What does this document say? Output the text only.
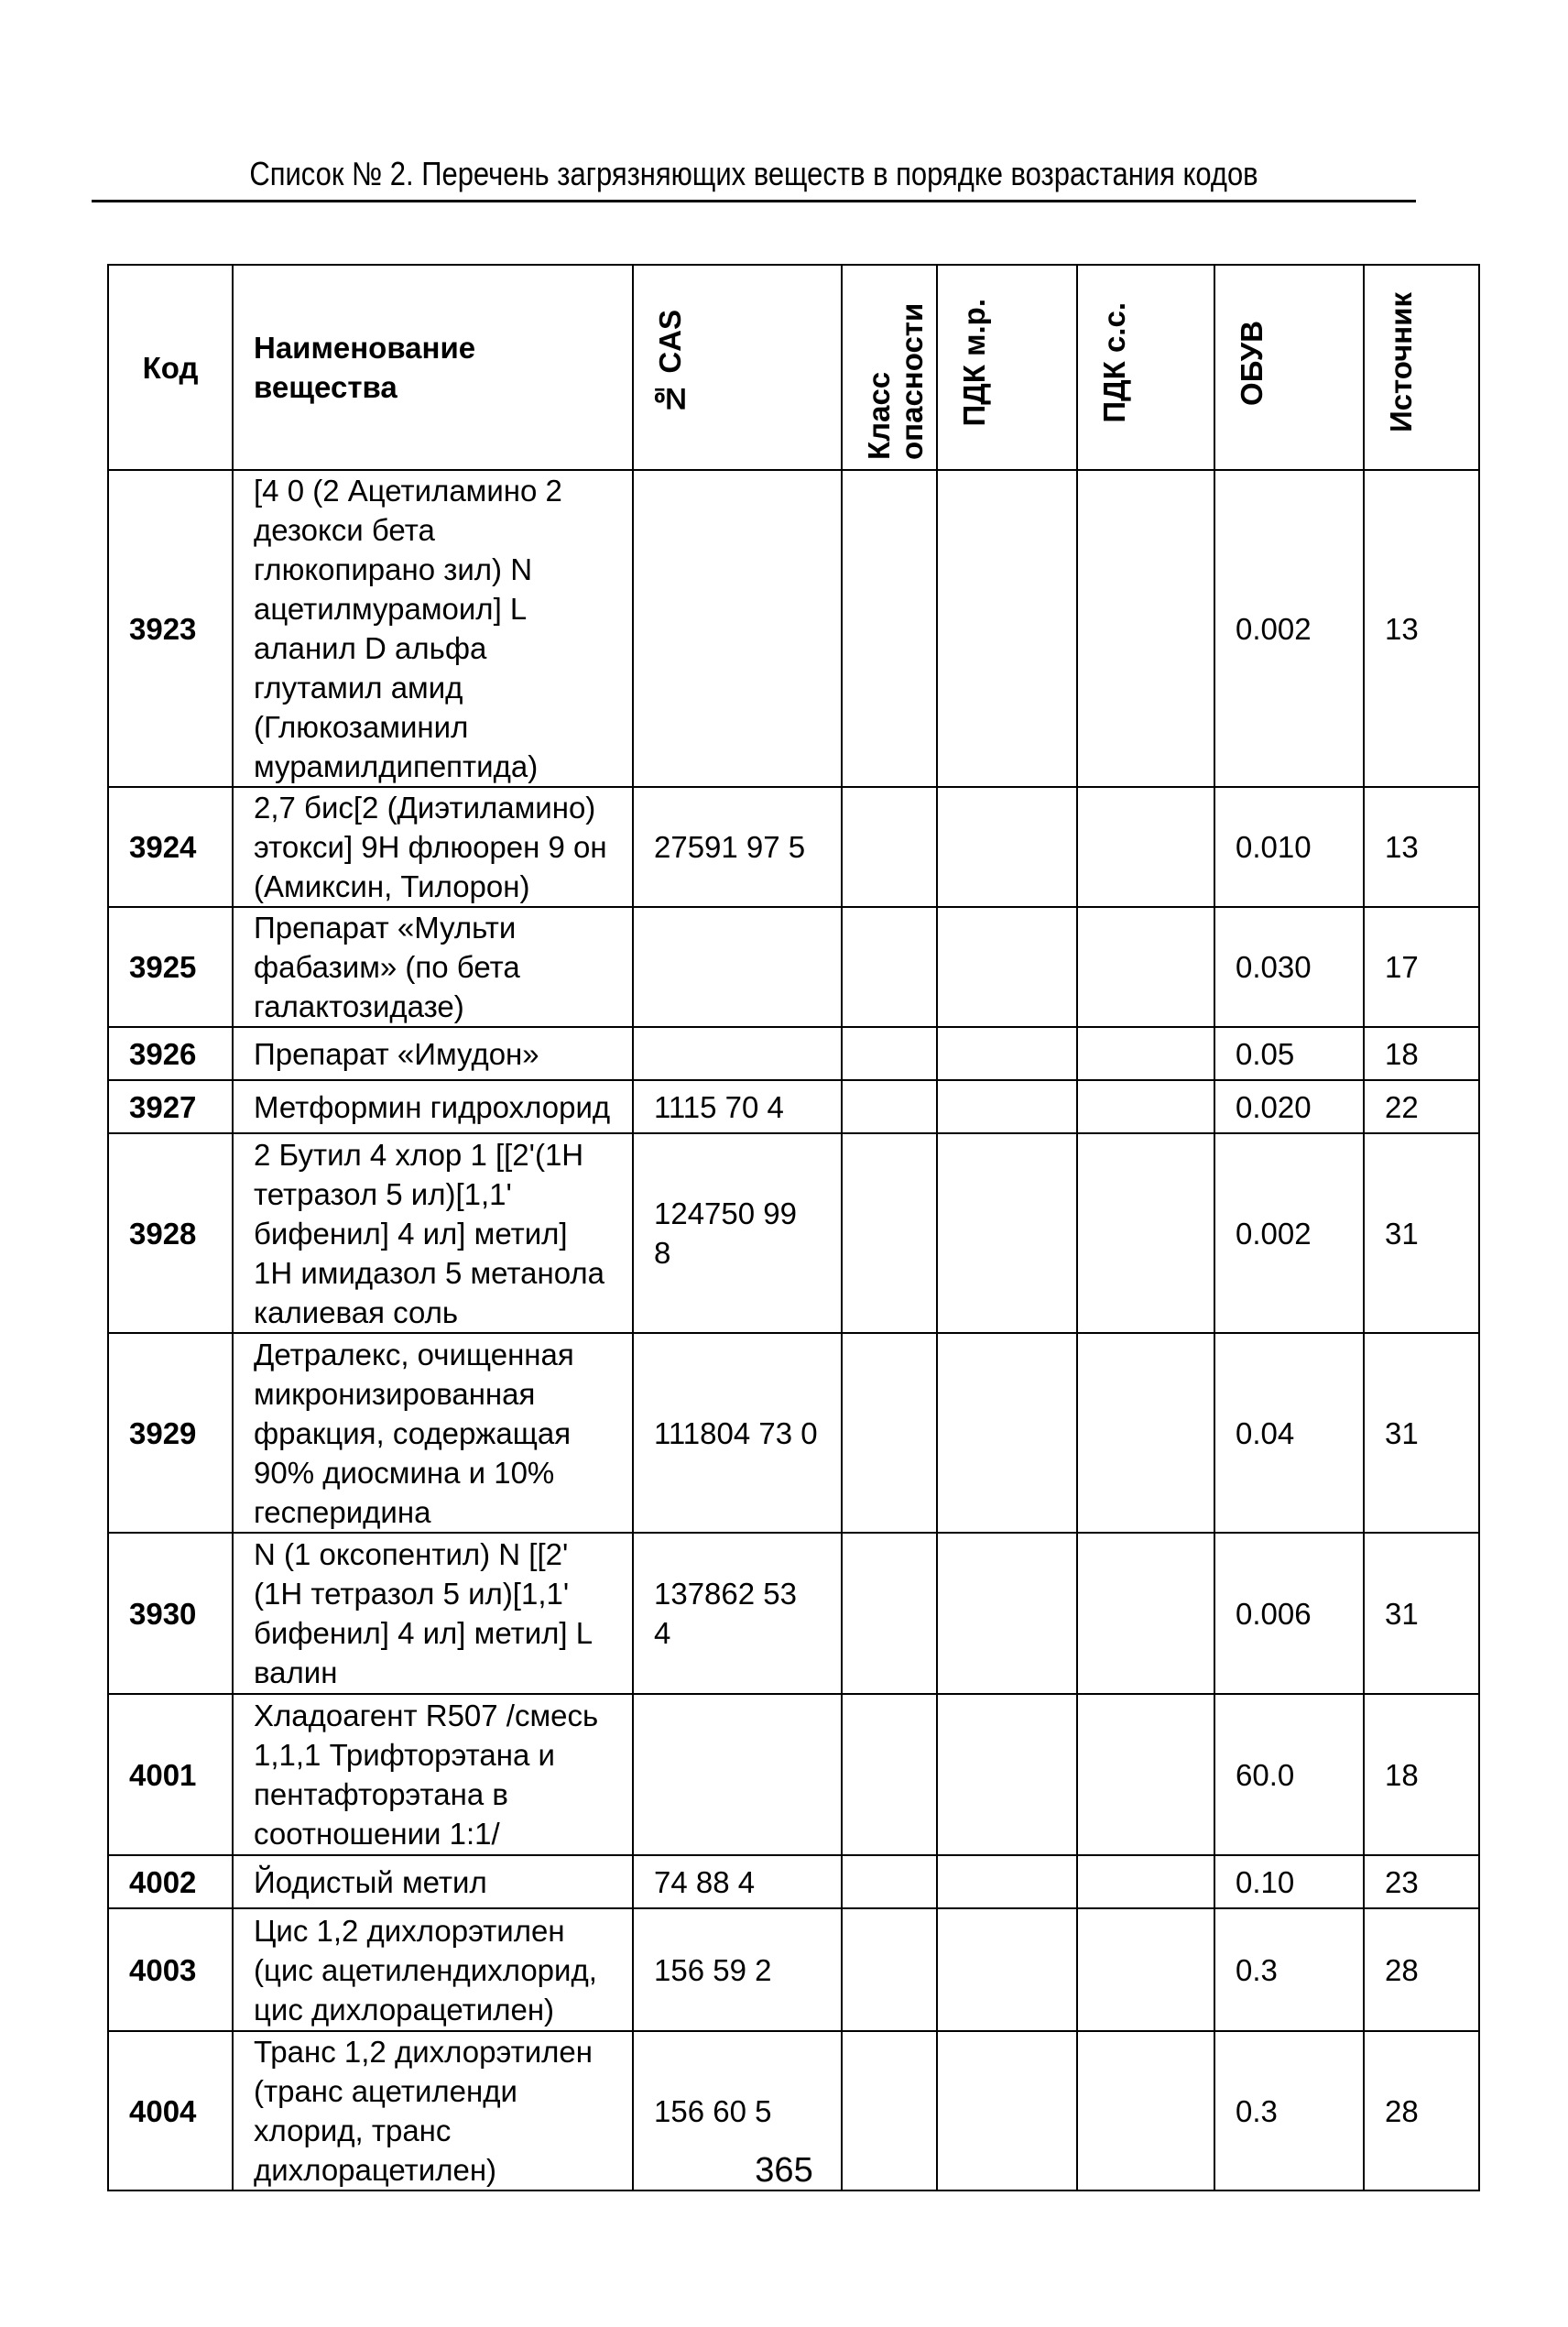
Список № 2. Перечень загрязняющих веществ в порядке возрастания кодов
Код	Наименование вещества	№ CAS	Класс опасности	ПДК м.р.	ПДК с.с.	ОБУВ	Источник
3923	[4 0 (2 Ацетиламино 2 дезокси бета глюкопирано зил) N ацетилмурамоил] L аланил D альфа глутамил амид (Глюкозаминил мурамилдипептида)					0.002	13
3924	2,7 бис[2 (Диэтиламино) этокси] 9Н флюорен 9 он (Амиксин, Тилорон)	27591 97 5				0.010	13
3925	Препарат «Мульти фабазим» (по бета галактозидазе)					0.030	17
3926	Препарат «Имудон»					0.05	18
3927	Метформин гидрохлорид	1115 70 4				0.020	22
3928	2 Бутил 4 хлор 1 [[2'(1Н тетразол 5 ил)[1,1' бифенил] 4 ил] метил] 1Н имидазол 5 метанола калиевая соль	124750 99 8				0.002	31
3929	Детралекс, очищенная микронизированная фракция, содержащая 90% диосмина и 10% гесперидина	111804 73 0				0.04	31
3930	N (1 оксопентил) N [[2' (1Н тетразол 5 ил)[1,1' бифенил] 4 ил] метил] L валин	137862 53 4				0.006	31
4001	Хладоагент R507 /смесь 1,1,1 Трифторэтана и пентафторэтана в соотношении 1:1/					60.0	18
4002	Йодистый метил	74 88 4				0.10	23
4003	Цис 1,2 дихлорэтилен (цис ацетилендихлорид, цис дихлорацетилен)	156 59 2				0.3	28
4004	Транс 1,2 дихлорэтилен (транс ацетиленди хлорид, транс дихлорацетилен)	156 60 5				0.3	28
365
